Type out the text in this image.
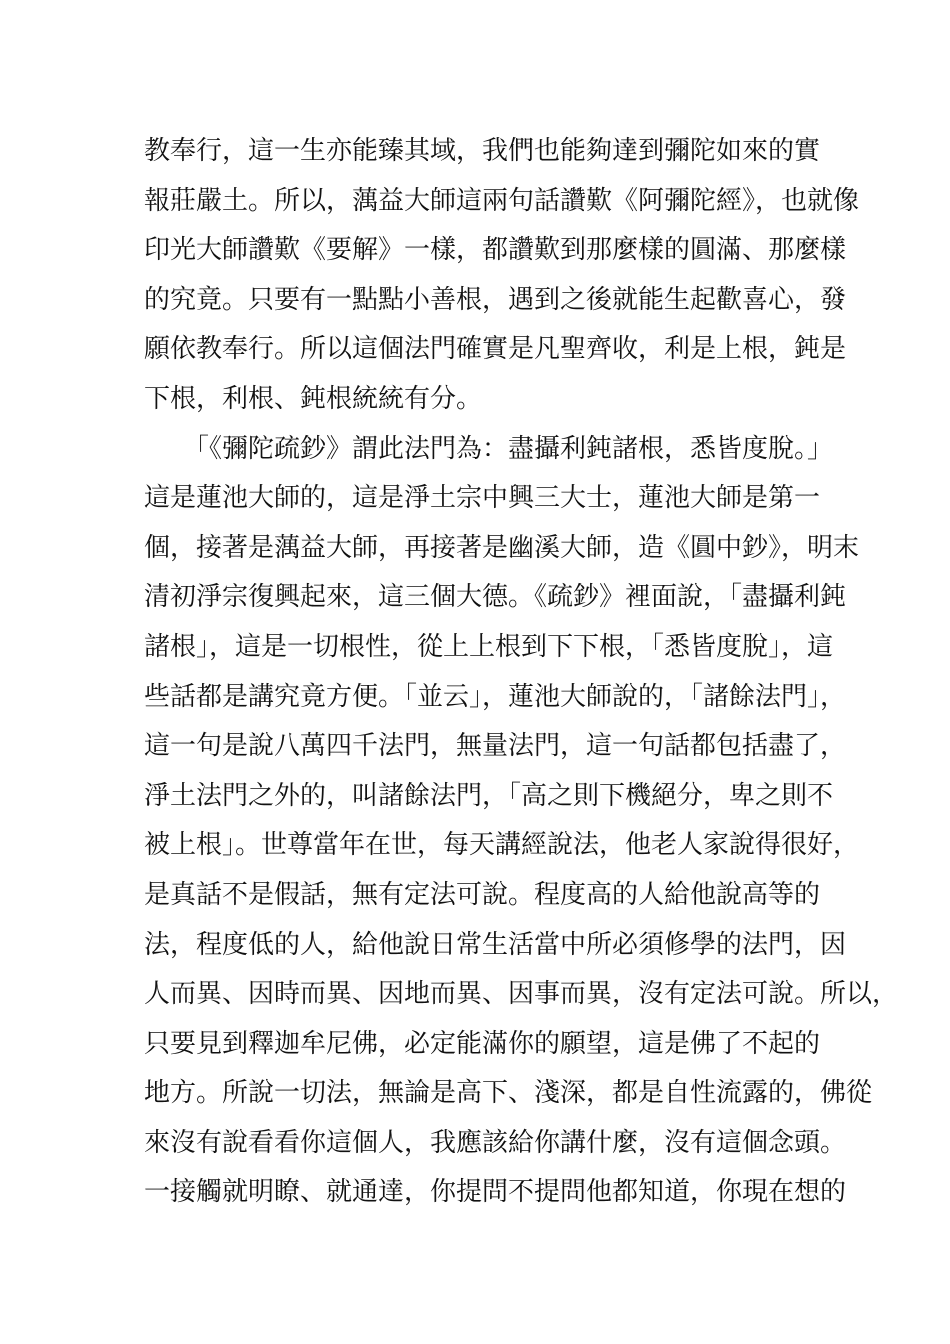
教奉行，這一生亦能臻其域，我們也能夠達到彌陀如來的實
報莊嚴土。所以，蕅益大師這兩句話讚歎《阿彌陀經》，也就像
印光大師讚歎《要解》一樣，都讚歎到那麼樣的圓滿、那麼樣
的究竟。只要有一點點小善根，遇到之後就能生起歡喜心，發
願依教奉行。所以這個法門確實是凡聖齊收，利是上根，鈍是
下根，利根、鈍根統統有分。
　　「《彌陀疏鈔》謂此法門為：盡攝利鈍諸根，悉皆度脫。」
這是蓮池大師的，這是淨土宗中興三大士，蓮池大師是第一
個，接著是蕅益大師，再接著是幽溪大師，造《圓中鈔》，明末
清初淨宗復興起來，這三個大德。《疏鈔》裡面說，「盡攝利鈍
諸根」，這是一切根性，從上上根到下下根，「悉皆度脫」，這
些話都是講究竟方便。「並云」，蓮池大師說的，「諸餘法門」，
這一句是說八萬四千法門，無量法門，這一句話都包括盡了，
淨土法門之外的，叫諸餘法門，「高之則下機絕分，卑之則不
被上根」。世尊當年在世，每天講經說法，他老人家說得很好，
是真話不是假話，無有定法可說。程度高的人給他說高等的
法，程度低的人，給他說日常生活當中所必須修學的法門，因
人而異、因時而異、因地而異、因事而異，沒有定法可說。所以，
只要見到釋迦牟尼佛，必定能滿你的願望，這是佛了不起的
地方。所說一切法，無論是高下、淺深，都是自性流露的，佛從
來沒有說看看你這個人，我應該給你講什麼，沒有這個念頭。
一接觸就明瞭、就通達，你提問不提問他都知道，你現在想的
